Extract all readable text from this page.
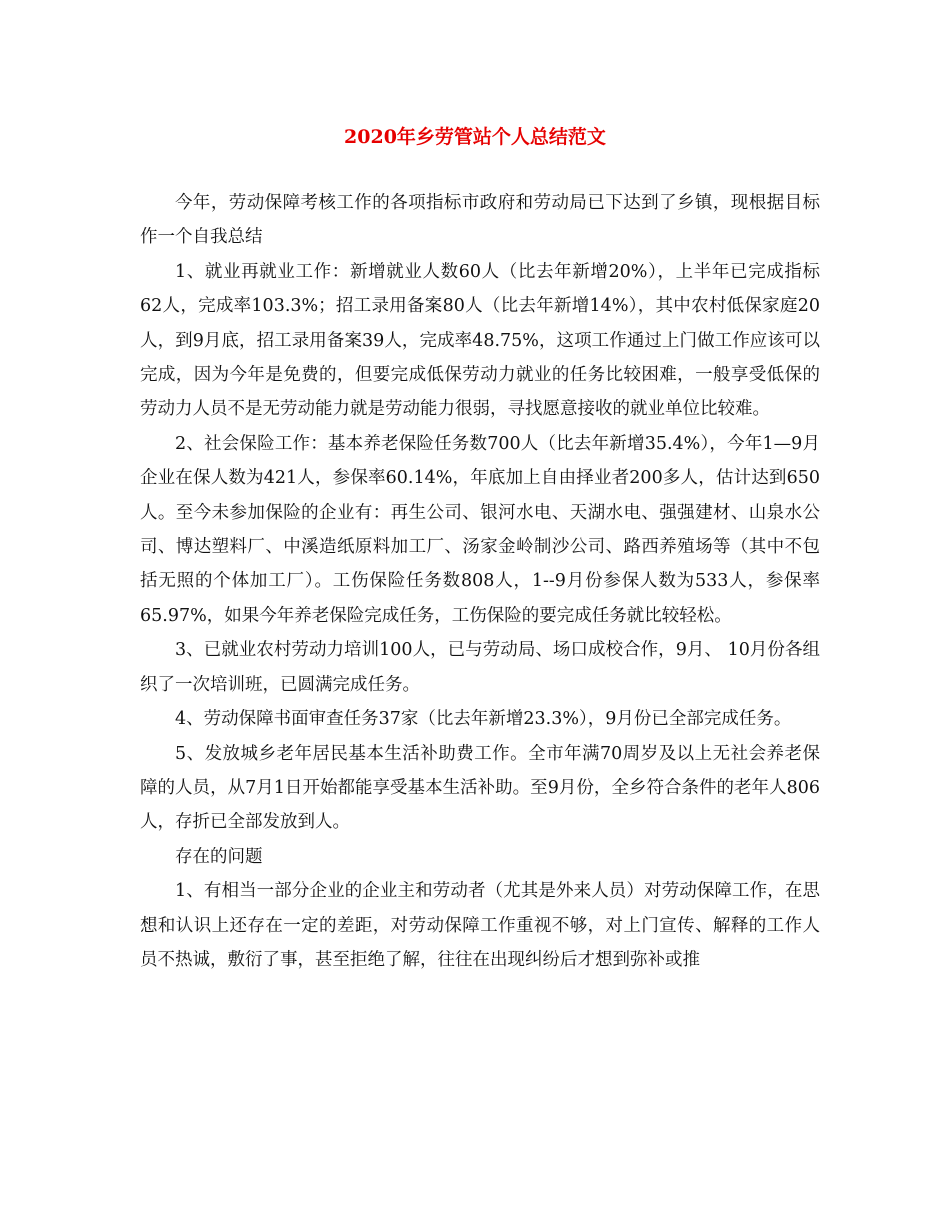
2020年乡劳管站个人总结范文

今年，劳动保障考核工作的各项指标市政府和劳动局已下达到了乡镇，现根据目标作一个自我总结

1、就业再就业工作：新增就业人数60人（比去年新增20%），上半年已完成指标62人，完成率103.3%；招工录用备案80人（比去年新增14%），其中农村低保家庭20人，到9月底，招工录用备案39人，完成率48.75%，这项工作通过上门做工作应该可以完成，因为今年是免费的，但要完成低保劳动力就业的任务比较困难，一般享受低保的劳动力人员不是无劳动能力就是劳动能力很弱，寻找愿意接收的就业单位比较难。

2、社会保险工作：基本养老保险任务数700人（比去年新增35.4%），今年1—9月企业在保人数为421人，参保率60.14%，年底加上自由择业者200多人，估计达到650人。至今未参加保险的企业有：再生公司、银河水电、天湖水电、强强建材、山泉水公司、博达塑料厂、中溪造纸原料加工厂、汤家金岭制沙公司、路西养殖场等（其中不包括无照的个体加工厂）。工伤保险任务数808人，1--9月份参保人数为533人，参保率65.97%，如果今年养老保险完成任务，工伤保险的要完成任务就比较轻松。

3、已就业农村劳动力培训100人，已与劳动局、场口成校合作，9月、 10月份各组织了一次培训班，已圆满完成任务。

4、劳动保障书面审查任务37家（比去年新增23.3%），9月份已全部完成任务。

5、发放城乡老年居民基本生活补助费工作。全市年满70周岁及以上无社会养老保障的人员，从7月1日开始都能享受基本生活补助。至9月份，全乡符合条件的老年人806人，存折已全部发放到人。

存在的问题

1、有相当一部分企业的企业主和劳动者（尤其是外来人员）对劳动保障工作，在思想和认识上还存在一定的差距，对劳动保障工作重视不够，对上门宣传、解释的工作人员不热诚，敷衍了事，甚至拒绝了解，往往在出现纠纷后才想到弥补或推
